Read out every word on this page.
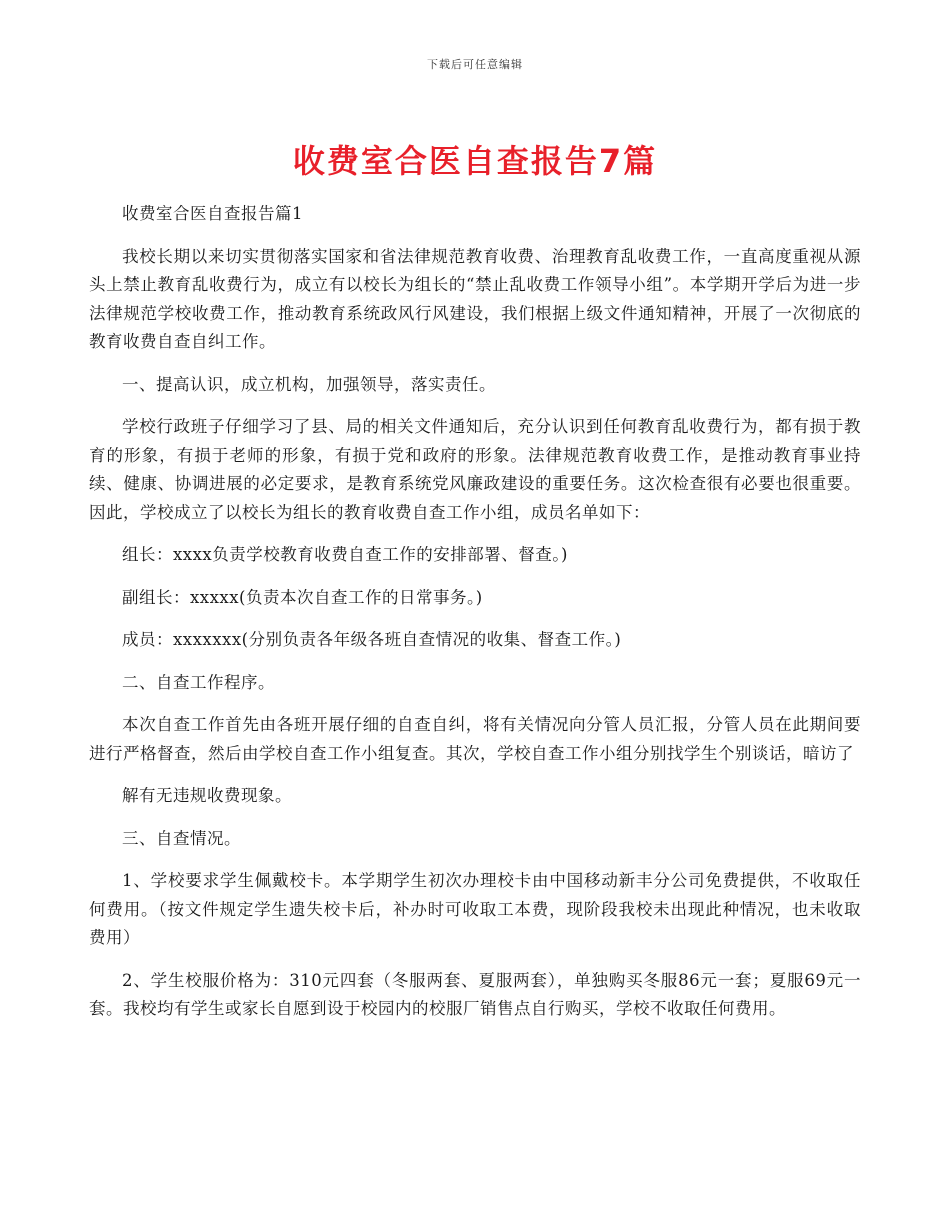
下载后可任意编辑
收费室合医自查报告7篇

收费室合医自查报告篇1

我校长期以来切实贯彻落实国家和省法律规范教育收费、治理教育乱收费工作，一直高度重视从源头上禁止教育乱收费行为，成立有以校长为组长的“禁止乱收费工作领导小组”。本学期开学后为进一步法律规范学校收费工作，推动教育系统政风行风建设，我们根据上级文件通知精神，开展了一次彻底的教育收费自查自纠工作。

一、提高认识，成立机构，加强领导，落实责任。

学校行政班子仔细学习了县、局的相关文件通知后，充分认识到任何教育乱收费行为，都有损于教育的形象，有损于老师的形象，有损于党和政府的形象。法律规范教育收费工作，是推动教育事业持续、健康、协调进展的必定要求，是教育系统党风廉政建设的重要任务。这次检查很有必要也很重要。因此，学校成立了以校长为组长的教育收费自查工作小组，成员名单如下：

组长：xxxx负责学校教育收费自查工作的安排部署、督查。)

副组长：xxxxx(负责本次自查工作的日常事务。)

成员：xxxxxxx(分别负责各年级各班自查情况的收集、督查工作。)

二、自查工作程序。

本次自查工作首先由各班开展仔细的自查自纠，将有关情况向分管人员汇报，分管人员在此期间要进行严格督查，然后由学校自查工作小组复查。其次，学校自查工作小组分别找学生个别谈话，暗访了

解有无违规收费现象。

三、自查情况。

1、学校要求学生佩戴校卡。本学期学生初次办理校卡由中国移动新丰分公司免费提供，不收取任何费用。（按文件规定学生遗失校卡后，补办时可收取工本费，现阶段我校未出现此种情况，也未收取费用）

2、学生校服价格为：310元四套（冬服两套、夏服两套），单独购买冬服86元一套；夏服69元一套。我校均有学生或家长自愿到设于校园内的校服厂销售点自行购买，学校不收取任何费用。
